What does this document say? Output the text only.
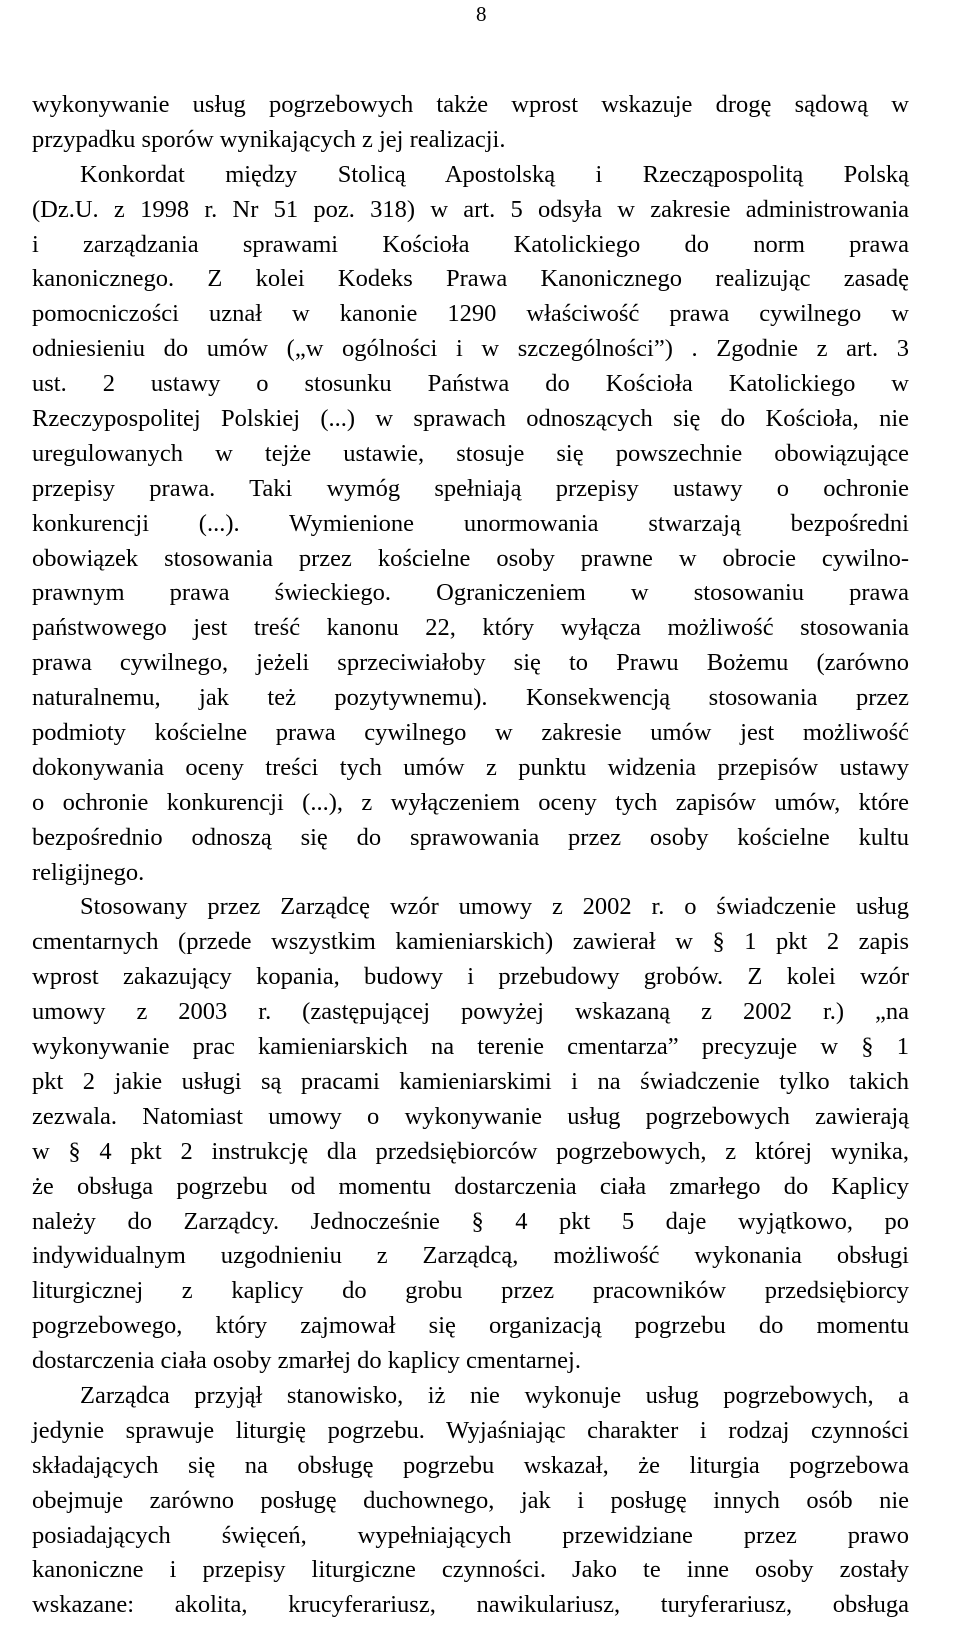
8
wykonywanie usług pogrzebowych także wprost wskazuje drogę sądową w
przypadku sporów wynikających z jej realizacji.
Konkordat między Stolicą Apostolską i Rzecząpospolitą Polską
(Dz.U. z 1998 r. Nr 51 poz. 318) w art. 5 odsyła w zakresie administrowania
i zarządzania sprawami Kościoła Katolickiego do norm prawa
kanonicznego. Z kolei Kodeks Prawa Kanonicznego realizując zasadę
pomocniczości uznał w kanonie 1290 właściwość prawa cywilnego w
odniesieniu do umów („w ogólności i w szczególności”) . Zgodnie z art. 3
ust. 2 ustawy o stosunku Państwa do Kościoła Katolickiego w
Rzeczypospolitej Polskiej (...) w sprawach odnoszących się do Kościoła, nie
uregulowanych w tejże ustawie, stosuje się powszechnie obowiązujące
przepisy prawa. Taki wymóg spełniają przepisy ustawy o ochronie
konkurencji (...). Wymienione unormowania stwarzają bezpośredni
obowiązek stosowania przez kościelne osoby prawne w obrocie cywilno-
prawnym prawa świeckiego. Ograniczeniem w stosowaniu prawa
państwowego jest treść kanonu 22, który wyłącza możliwość stosowania
prawa cywilnego, jeżeli sprzeciwiałoby się to Prawu Bożemu (zarówno
naturalnemu, jak też pozytywnemu). Konsekwencją stosowania przez
podmioty kościelne prawa cywilnego w zakresie umów jest możliwość
dokonywania oceny treści tych umów z punktu widzenia przepisów ustawy
o ochronie konkurencji (...), z wyłączeniem oceny tych zapisów umów, które
bezpośrednio odnoszą się do sprawowania przez osoby kościelne kultu
religijnego.
Stosowany przez Zarządcę wzór umowy z 2002 r. o świadczenie usług
cmentarnych (przede wszystkim kamieniarskich) zawierał w § 1 pkt 2 zapis
wprost zakazujący kopania, budowy i przebudowy grobów. Z kolei wzór
umowy z 2003 r. (zastępującej powyżej wskazaną z 2002 r.) „na
wykonywanie prac kamieniarskich na terenie cmentarza” precyzuje w § 1
pkt 2 jakie usługi są pracami kamieniarskimi i na świadczenie tylko takich
zezwala. Natomiast umowy o wykonywanie usług pogrzebowych zawierają
w § 4 pkt 2 instrukcję dla przedsiębiorców pogrzebowych, z której wynika,
że obsługa pogrzebu od momentu dostarczenia ciała zmarłego do Kaplicy
należy do Zarządcy. Jednocześnie § 4 pkt 5 daje wyjątkowo, po
indywidualnym uzgodnieniu z Zarządcą, możliwość wykonania obsługi
liturgicznej z kaplicy do grobu przez pracowników przedsiębiorcy
pogrzebowego, który zajmował się organizacją pogrzebu do momentu
dostarczenia ciała osoby zmarłej do kaplicy cmentarnej.
Zarządca przyjął stanowisko, iż nie wykonuje usług pogrzebowych, a
jedynie sprawuje liturgię pogrzebu. Wyjaśniając charakter i rodzaj czynności
składających się na obsługę pogrzebu wskazał, że liturgia pogrzebowa
obejmuje zarówno posługę duchownego, jak i posługę innych osób nie
posiadających święceń, wypełniających przewidziane przez prawo
kanoniczne i przepisy liturgiczne czynności. Jako te inne osoby zostały
wskazane: akolita, krucyferariusz, nawikulariusz, turyferariusz, obsługa
